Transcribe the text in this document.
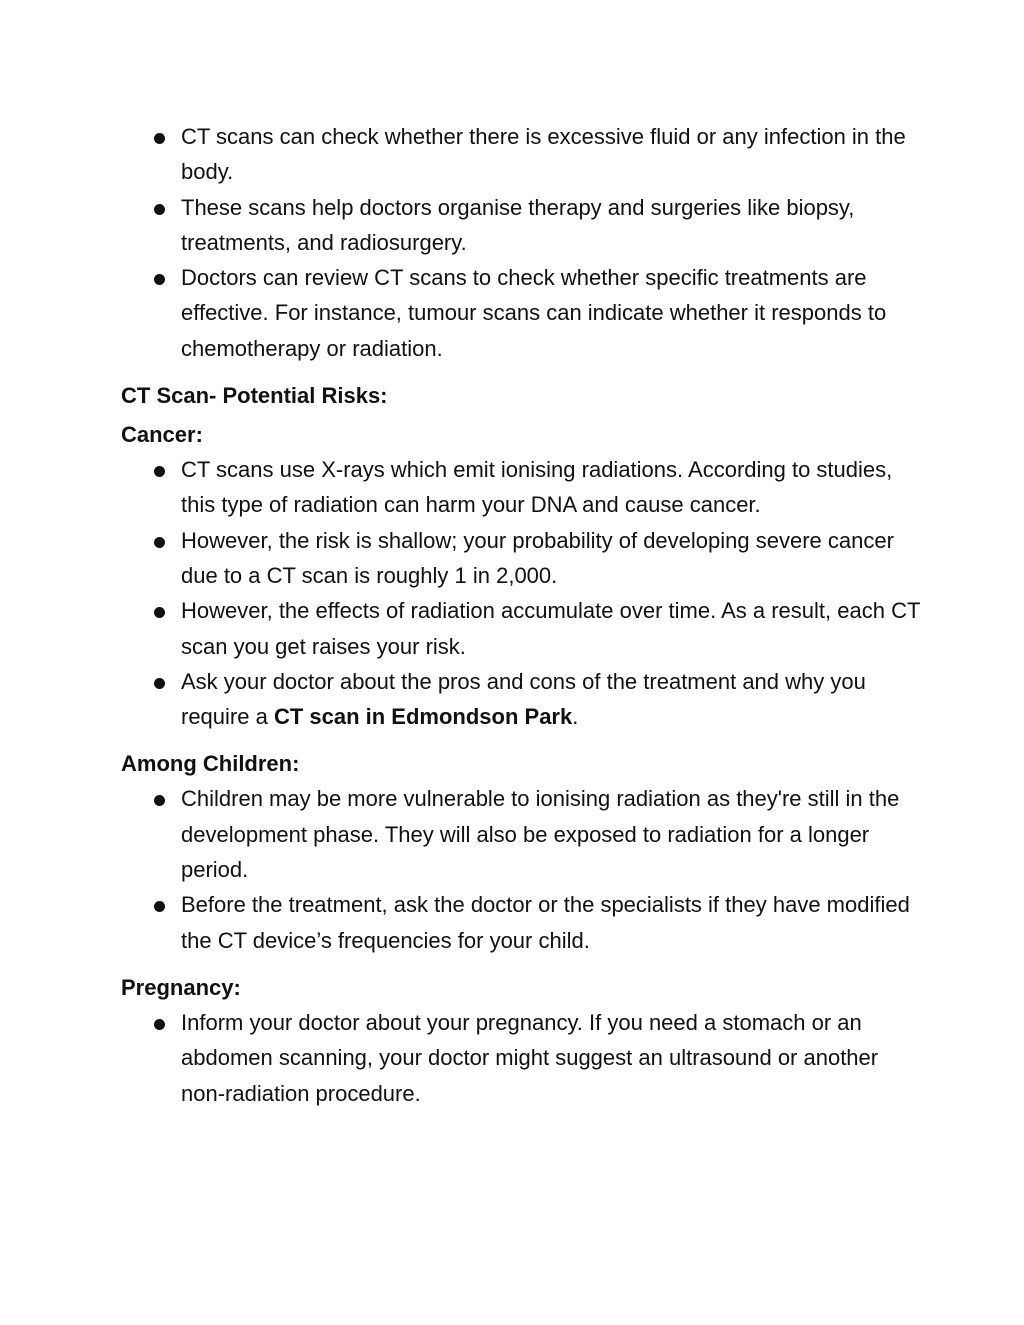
CT scans can check whether there is excessive fluid or any infection in the body.
These scans help doctors organise therapy and surgeries like biopsy, treatments, and radiosurgery.
Doctors can review CT scans to check whether specific treatments are effective. For instance, tumour scans can indicate whether it responds to chemotherapy or radiation.

CT Scan- Potential Risks:

Cancer:

CT scans use X-rays which emit ionising radiations. According to studies, this type of radiation can harm your DNA and cause cancer.
However, the risk is shallow; your probability of developing severe cancer due to a CT scan is roughly 1 in 2,000.
However, the effects of radiation accumulate over time. As a result, each CT scan you get raises your risk.
Ask your doctor about the pros and cons of the treatment and why you require a CT scan in Edmondson Park.

Among Children:

Children may be more vulnerable to ionising radiation as they're still in the development phase. They will also be exposed to radiation for a longer period.
Before the treatment, ask the doctor or the specialists if they have modified the CT device’s frequencies for your child.

Pregnancy:

Inform your doctor about your pregnancy. If you need a stomach or an abdomen scanning, your doctor might suggest an ultrasound or another non-radiation procedure.
